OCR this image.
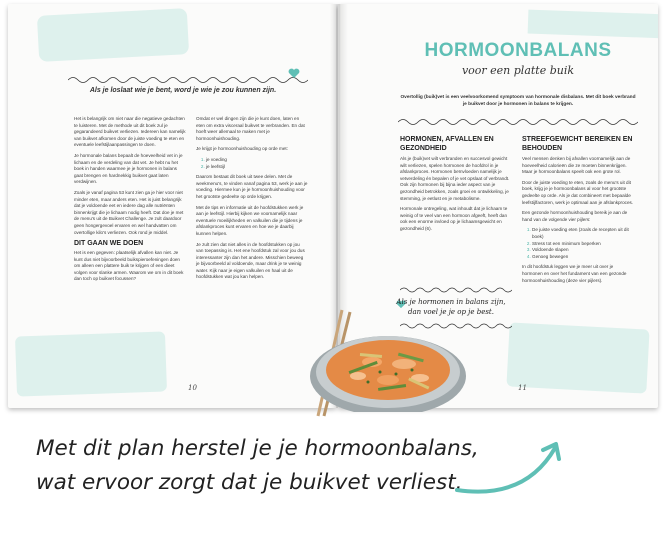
Als je loslaat wie je bent, word je wie je zou kunnen zijn.

Het is belangrijk om niet naar die negatieve gedachten te luisteren. Met de methode uit dit boek zul je gegarandeerd buikvet verliezen. Iedereen kan namelijk van buikvet afkomen door de juiste voeding te eten en eventuele leefstijlaanpassingen te doen.

Je hormonale balans bepaalt de hoeveelheid vet in je lichaam en de verdeling van dat vet. Je hebt nu het boek in handen waarmee je je hormonen in balans gaat brengen en hardnekkig buikvet gaat laten verdwijnen.

Zoals je vanaf pagina 53 kunt zien ga je hier voor niet minder eten, maar anders eten. Het is juist belangrijk dat je voldoende eet en iedere dag alle nutriënten binnenkrijgt die je lichaam nodig heeft. Dat doe je met de menu's uit de Buikvet Challenge. Je zult daardoor geen hongergevoel ervaren en wel handvatten om overtollige kilo's verliezen. Ook rond je middel.

DIT GAAN WE DOEN

Het is een gegeven: plaatselijk afvallen kan niet. Je kunt dus niet bijvoorbeeld buikspieroefeningen doen om alleen een plattere buik te krijgen of een dieet volgen voor slanke armen. Waarom we om in dit boek dan toch op buikvet focussen?

Omdat er wel dingen zijn die je kunt doen, laten en eten om extra visceraal buikvet te verbranden. En dat hoeft weer allemaal te maken met je hormoonhuishouding.

Je krijgt je hormoonhuishouding op orde met:

1. je voeding
2. je leefstijl

Daarom bestaat dit boek uit twee delen. Met de weekmenu's, te vinden vanaf pagina 53, werk je aan je voeding. Hiermee kun je je hormoonhuishouding voor het grootste gedeelte op orde krijgen.

Met de tips en informatie uit de hoofdstukken werk je aan je leefstijl. Hierbij kijken we voornamelijk naar eventuele moeilijkheden en valkuilen die je tijdens je afslankproces kunt ervaren en hoe we je daarbij kunnen helpen.

Je zult zien dat niet alles in de hoofdstukken op jou van toepassing is. Het ene hoofdstuk zal voor jou dus interessanter zijn dan het andere. Misschien beweeg je bijvoorbeeld al voldoende, maar drink je te weinig water. Kijk naar je eigen valkuilen en haal uit de hoofdstukken wat jou kan helpen.

10
HORMOONBALANS
voor een platte buik
Overtollig (buik)vet is een veelvoorkomend symptoom van hormonale disbalans. Met dit boek verbrand je buikvet door je hormonen in balans te krijgen.
HORMONEN, AFVALLEN EN GEZONDHEID

Als je (buik)vet wilt verbranden en succesvol gewicht wilt verliezen, spelen hormonen de hoofdrol in je afslankproces. Hormonen beïnvloeden namelijk je vetverdeling én bepalen of je vet opslaat of verbrandt. Ook zijn hormonen bij bijna ieder aspect van je gezondheid betrokken, zoals groei en ontwikkeling, je stemming, je eetlust en je metabolisme.

Hormonale ontregeling, wat inhoudt dat je lichaam te weinig of te veel van een hormoon afgeeft, heeft dan ook een enorme invloed op je lichaamsgewicht en gezondheid (6).

Als je hormonen in balans zijn, dan voel je je op je best.
STREEFGEWICHT BEREIKEN EN BEHOUDEN

Veel mensen denken bij afvallen voornamelijk aan de hoeveelheid calorieën die ze moeten binnenkrijgen. Maar je hormoonbalans speelt ook een grote rol.

Door de juiste voeding te eten, zoals de menu's uit dit boek, krijg je je hormoonbalans al voor het grootste gedeelte op orde. Als je dat combineert met bepaalde leefstijlfactoren, werk je optimaal aan je afslankproces.

Een gezonde hormoonhuishouding bereik je aan de hand van de volgende vier pijlers:

1. De juiste voeding eten (zoals de recepten uit dit boek)
2. Stress tot een minimum beperken
3. Voldoende slapen
4. Genoeg bewegen

In dit hoofdstuk leggen we je meer uit over je hormonen en over het fundament van een gezonde hormoonhuishouding (deze vier pijlers).

11
Met dit plan herstel je je hormoonbalans,
wat ervoor zorgt dat je buikvet verliest.
